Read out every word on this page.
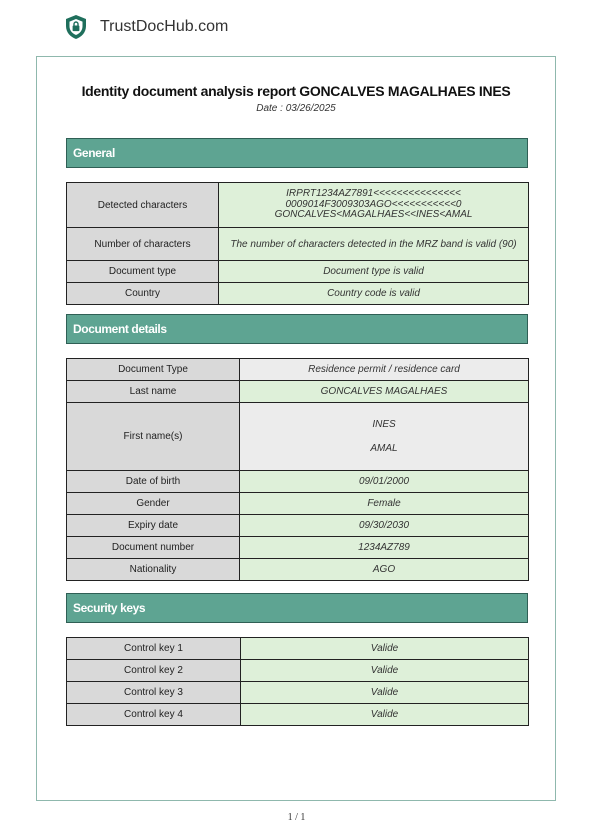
TrustDocHub.com
Identity document analysis report GONCALVES MAGALHAES INES
Date : 03/26/2025
General
Detected characters	IRPRT1234AZ7891<<<<<<<<<<<<<<<
0009014F3009303AGO<<<<<<<<<<<0
GONCALVES<MAGALHAES<<INES<AMAL

Number of characters	The number of characters detected in the MRZ band is valid (90)
Document type	Document type is valid
Country	Country code is valid
Document details
Document Type	Residence permit / residence card
Last name	GONCALVES MAGALHAES
First name(s)	INES
AMAL

Date of birth	09/01/2000
Gender	Female
Expiry date	09/30/2030
Document number	1234AZ789
Nationality	AGO
Security keys
Control key 1	Valide
Control key 2	Valide
Control key 3	Valide
Control key 4	Valide
1 / 1
